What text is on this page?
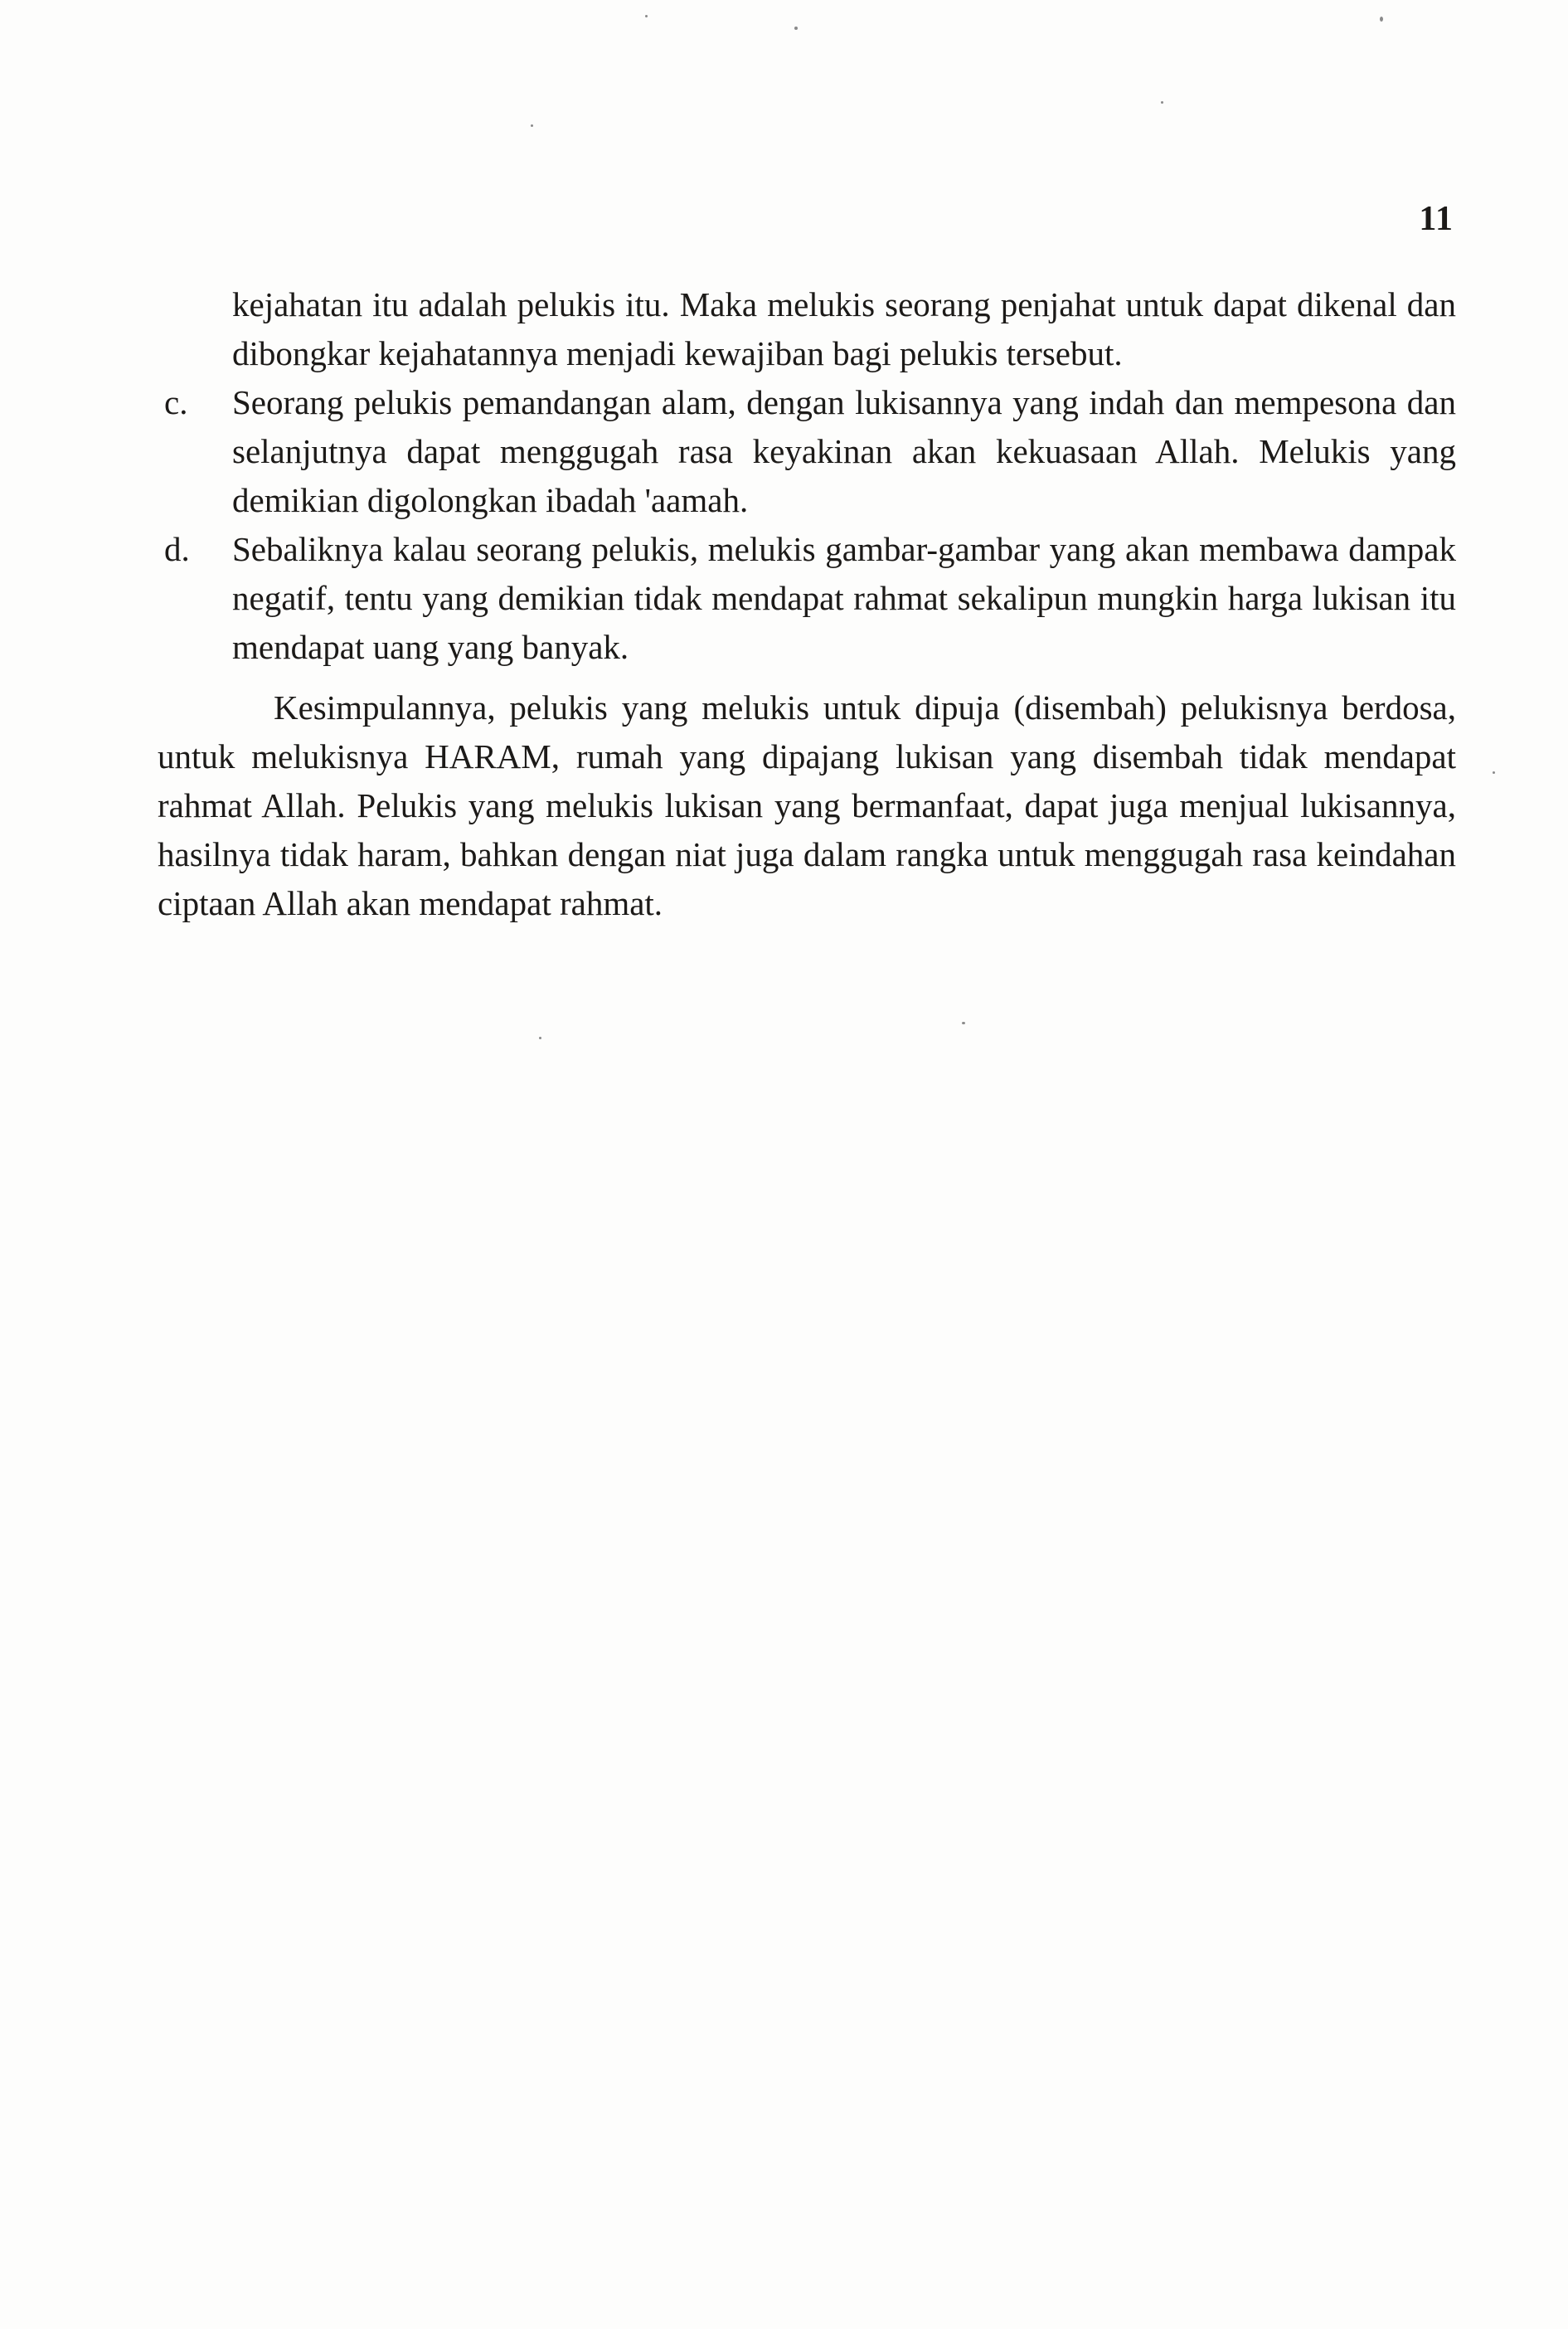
11

kejahatan itu adalah pelukis itu. Maka melukis seorang penjahat untuk dapat dikenal dan dibongkar kejahatannya menjadi kewajiban bagi pelukis tersebut.

c.	Seorang pelukis pemandangan alam, dengan lukisannya yang indah dan mempesona dan selanjutnya dapat menggugah rasa keyakinan akan kekuasaan Allah. Melukis yang demikian digolongkan ibadah 'aamah.

d.	Sebaliknya kalau seorang pelukis, melukis gambar-gambar yang akan membawa dampak negatif, tentu yang demikian tidak mendapat rahmat sekalipun mungkin harga lukisan itu mendapat uang yang banyak.

Kesimpulannya, pelukis yang melukis untuk dipuja (disembah) pelukisnya berdosa, untuk melukisnya HARAM, rumah yang dipajang lukisan yang disembah tidak mendapat rahmat Allah. Pelukis yang melukis lukisan yang bermanfaat, dapat juga menjual lukisannya, hasilnya tidak haram, bahkan dengan niat juga dalam rangka untuk menggugah rasa keindahan ciptaan Allah akan mendapat rahmat.
